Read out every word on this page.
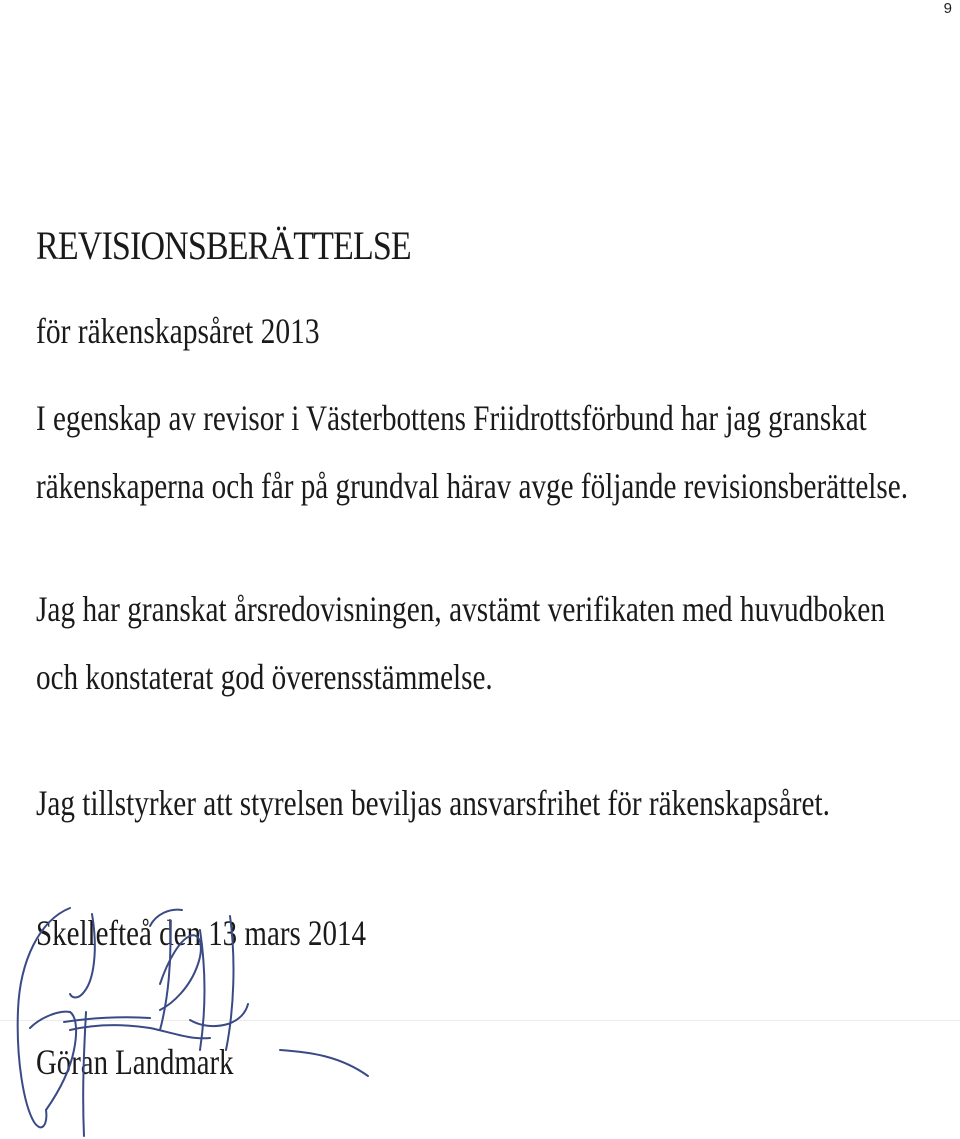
9
REVISIONSBERÄTTELSE
för räkenskapsåret 2013
I egenskap av revisor i Västerbottens Friidrottsförbund har jag granskat
räkenskaperna och får på grundval härav avge följande revisionsberättelse.
Jag har granskat årsredovisningen, avstämt verifikaten med huvudboken
och konstaterat god överensstämmelse.
Jag tillstyrker att styrelsen beviljas ansvarsfrihet för räkenskapsåret.
Skellefteå den 13 mars 2014
Göran Landmark
